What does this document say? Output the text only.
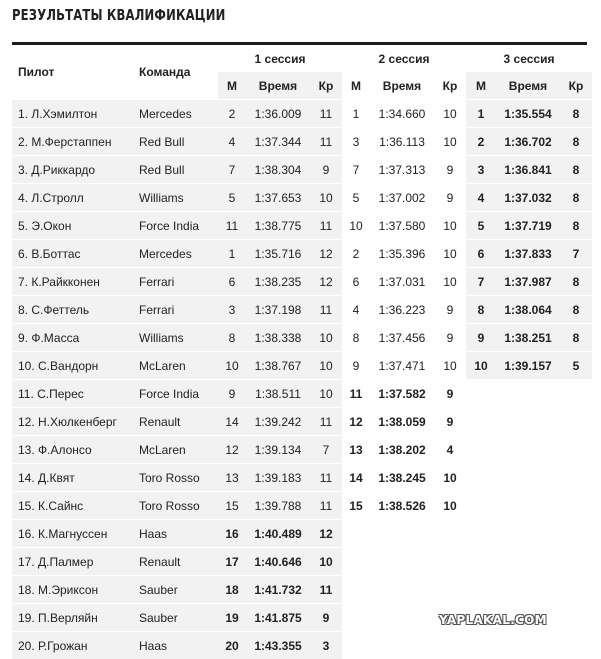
РЕЗУЛЬТАТЫ КВАЛИФИКАЦИИ
Пилот	Команда	1 сессия			2 сессия			3 сессия		
		М	Время	Кр	М	Время	Кр	М	Время	Кр
1. Л.Хэмилтон	Mercedes	2	1:36.009	11	1	1:34.660	10	1	1:35.554	8
2. М.Ферстаппен	Red Bull	4	1:37.344	11	3	1:36.113	10	2	1:36.702	8
3. Д.Риккардо	Red Bull	7	1:38.304	9	7	1:37.313	9	3	1:36.841	8
4. Л.Стролл	Williams	5	1:37.653	10	5	1:37.002	9	4	1:37.032	8
5. Э.Окон	Force India	11	1:38.775	11	10	1:37.580	10	5	1:37.719	8
6. В.Боттас	Mercedes	1	1:35.716	12	2	1:35.396	10	6	1:37.833	7
7. К.Райкконен	Ferrari	6	1:38.235	12	6	1:37.031	10	7	1:37.987	8
8. С.Феттель	Ferrari	3	1:37.198	11	4	1:36.223	9	8	1:38.064	8
9. Ф.Масса	Williams	8	1:38.338	10	8	1:37.456	9	9	1:38.251	8
10. С.Вандорн	McLaren	10	1:38.767	10	9	1:37.471	10	10	1:39.157	5
11. С.Перес	Force India	9	1:38.511	10	11	1:37.582	9			
12. Н.Хюлкенберг	Renault	14	1:39.242	11	12	1:38.059	9			
13. Ф.Алонсо	McLaren	12	1:39.134	7	13	1:38.202	4			
14. Д.Квят	Toro Rosso	13	1:39.183	11	14	1:38.245	10			
15. К.Сайнс	Toro Rosso	15	1:39.788	11	15	1:38.526	10			
16. К.Магнуссен	Haas	16	1:40.489	12						
17. Д.Палмер	Renault	17	1:40.646	10						
18. М.Эриксон	Sauber	18	1:41.732	11						
19. П.Верляйн	Sauber	19	1:41.875	9						
20. Р.Грожан	Haas	20	1:43.355	3						
YAPLAKAL.COM
